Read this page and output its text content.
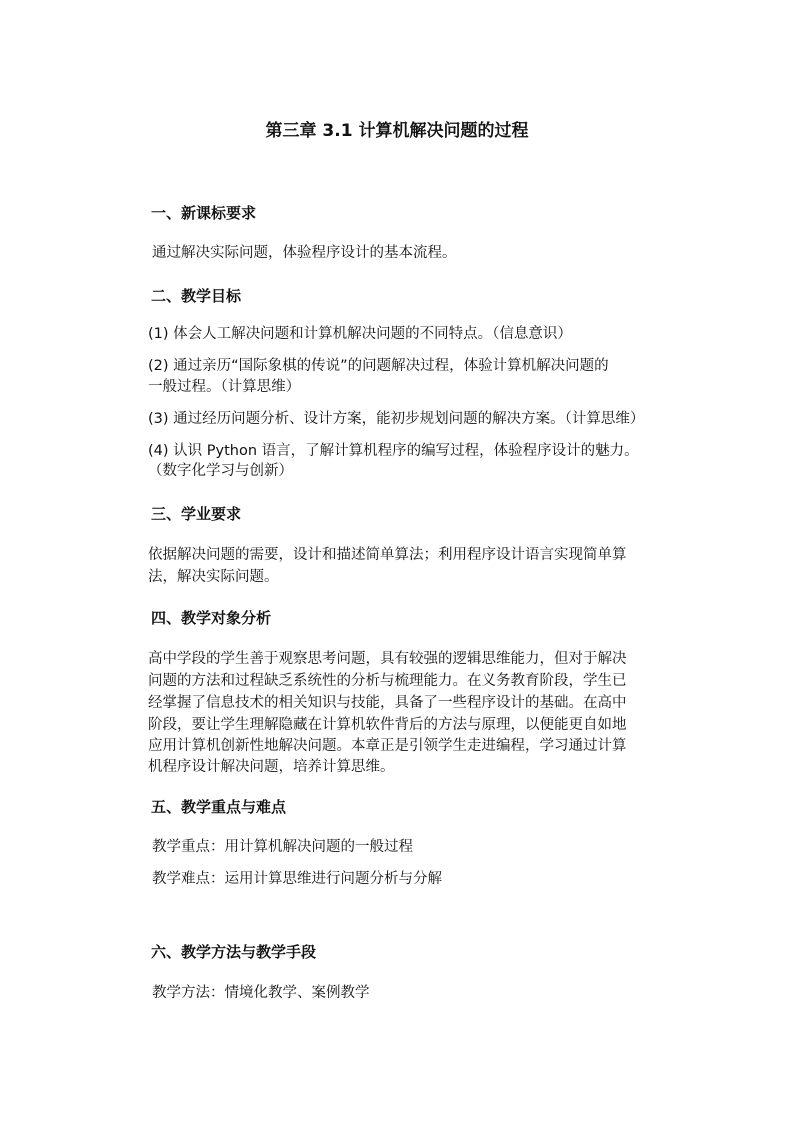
第三章 3.1 计算机解决问题的过程
一、新课标要求
通过解决实际问题，体验程序设计的基本流程。
二、教学目标
(1) 体会人工解决问题和计算机解决问题的不同特点。（信息意识）
(2) 通过亲历“国际象棋的传说”的问题解决过程，体验计算机解决问题的
一般过程。（计算思维）
(3) 通过经历问题分析、设计方案，能初步规划问题的解决方案。（计算思维）
(4) 认识 Python 语言，了解计算机程序的编写过程，体验程序设计的魅力。
（数字化学习与创新）
三、学业要求
依据解决问题的需要，设计和描述简单算法；利用程序设计语言实现简单算
法，解决实际问题。
四、教学对象分析
高中学段的学生善于观察思考问题，具有较强的逻辑思维能力，但对于解决
问题的方法和过程缺乏系统性的分析与梳理能力。在义务教育阶段，学生已
经掌握了信息技术的相关知识与技能，具备了一些程序设计的基础。在高中
阶段，要让学生理解隐藏在计算机软件背后的方法与原理，以便能更自如地
应用计算机创新性地解决问题。本章正是引领学生走进编程，学习通过计算
机程序设计解决问题，培养计算思维。
五、教学重点与难点
教学重点：用计算机解决问题的一般过程
教学难点：运用计算思维进行问题分析与分解
六、教学方法与教学手段
教学方法：情境化教学、案例教学
